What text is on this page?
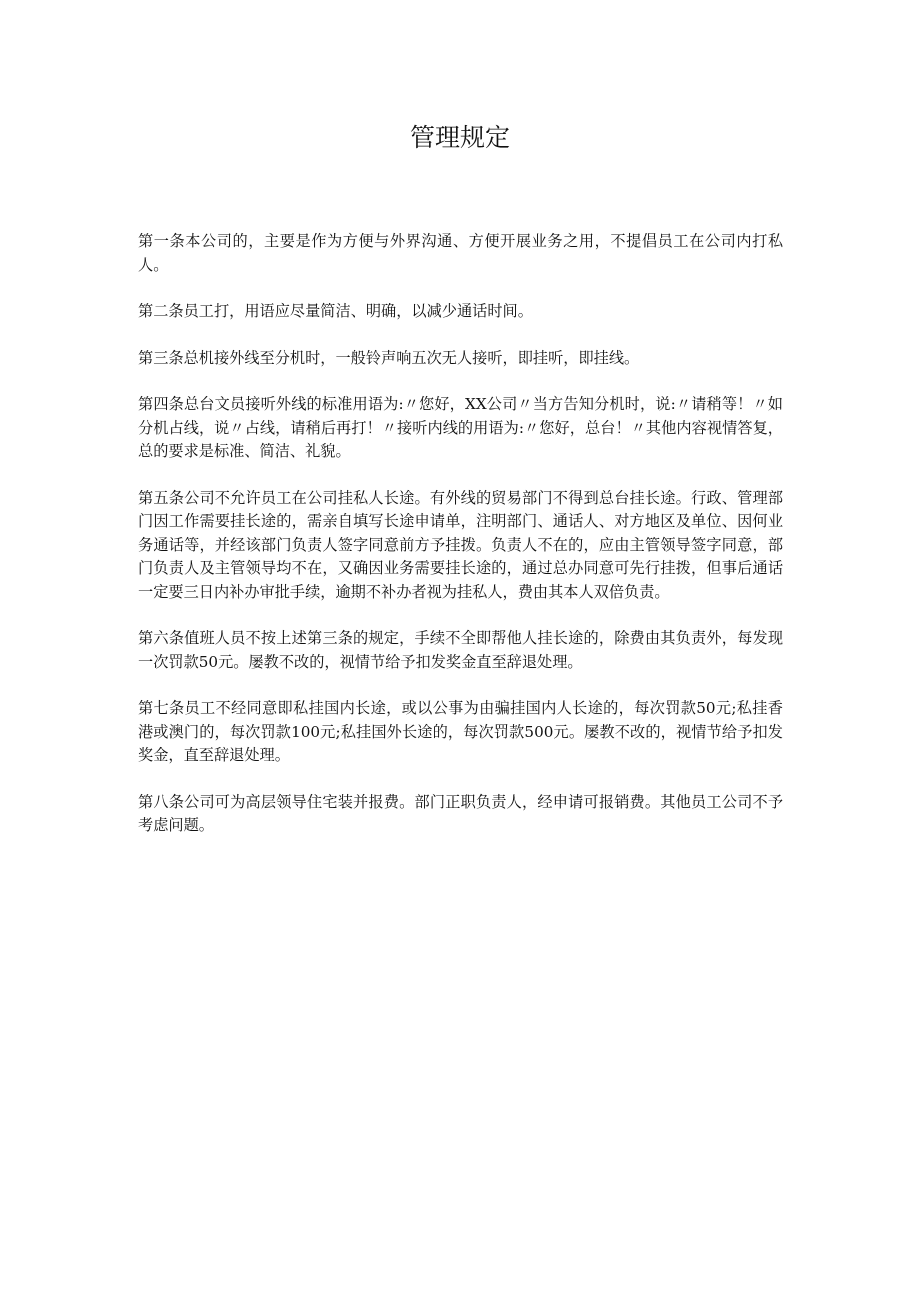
管理规定

第一条本公司的，主要是作为方便与外界沟通、方便开展业务之用，不提倡员工在公司内打私人。

第二条员工打，用语应尽量简洁、明确，以减少通话时间。

第三条总机接外线至分机时，一般铃声响五次无人接听，即挂听，即挂线。

第四条总台文员接听外线的标准用语为:〃您好，XX公司〃当方告知分机时，说:〃请稍等！〃如分机占线，说〃占线，请稍后再打！〃接听内线的用语为:〃您好，总台！〃其他内容视情答复，总的要求是标准、简洁、礼貌。

第五条公司不允许员工在公司挂私人长途。有外线的贸易部门不得到总台挂长途。行政、管理部门因工作需要挂长途的，需亲自填写长途申请单，注明部门、通话人、对方地区及单位、因何业务通话等，并经该部门负责人签字同意前方予挂拨。负责人不在的，应由主管领导签字同意，部门负责人及主管领导均不在，又确因业务需要挂长途的，通过总办同意可先行挂拨，但事后通话一定要三日内补办审批手续，逾期不补办者视为挂私人，费由其本人双倍负责。

第六条值班人员不按上述第三条的规定，手续不全即帮他人挂长途的，除费由其负责外，每发现一次罚款50元。屡教不改的，视情节给予扣发奖金直至辞退处理。

第七条员工不经同意即私挂国内长途，或以公事为由骗挂国内人长途的，每次罚款50元;私挂香港或澳门的，每次罚款100元;私挂国外长途的，每次罚款500元。屡教不改的，视情节给予扣发奖金，直至辞退处理。

第八条公司可为高层领导住宅装并报费。部门正职负责人，经申请可报销费。其他员工公司不予考虑问题。
